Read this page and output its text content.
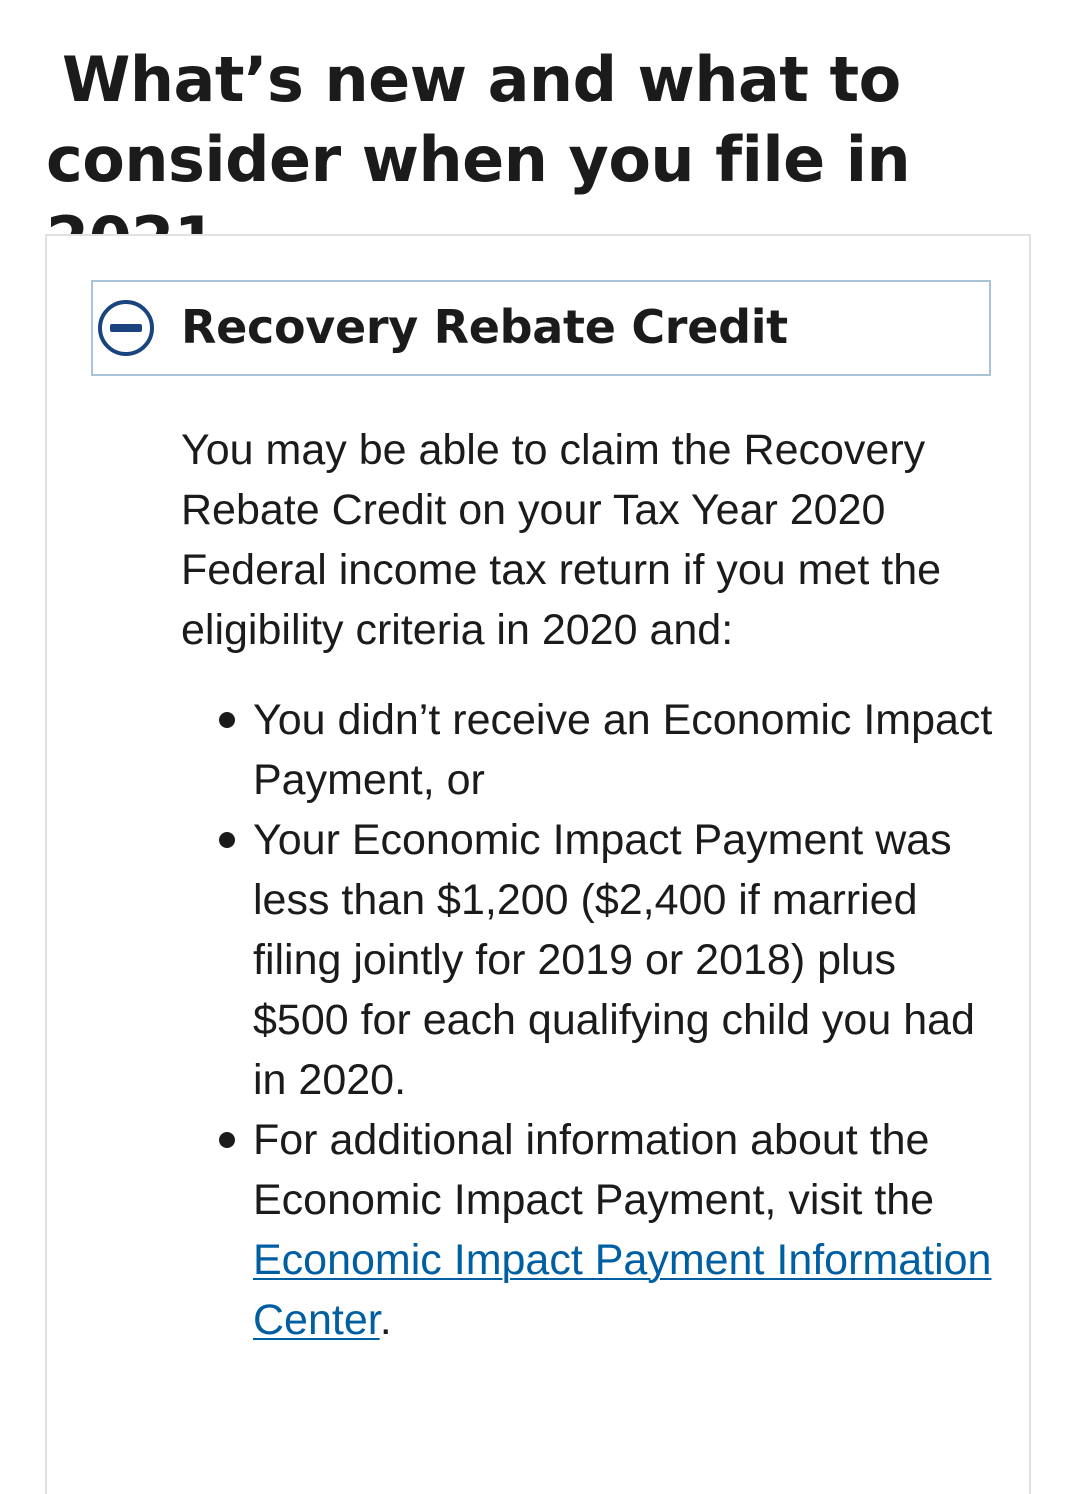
What’s new and what to
consider when you file in
Recovery Rebate Credit

You may be able to claim the Recovery Rebate Credit on your Tax Year 2020 Federal income tax return if you met the eligibility criteria in 2020 and:

You didn’t receive an Economic Impact Payment, or
Your Economic Impact Payment was less than $1,200 ($2,400 if married filing jointly for 2019 or 2018) plus $500 for each qualifying child you had in 2020.
For additional information about the Economic Impact Payment, visit the Economic Impact Payment Information Center.
